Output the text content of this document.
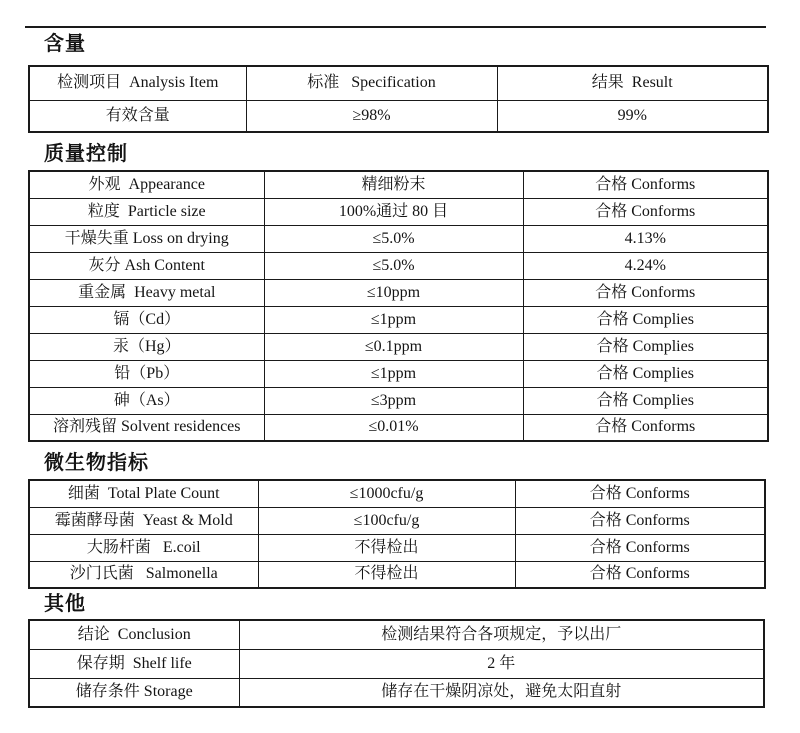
含量
检测项目  Analysis Item	标准   Specification	结果  Result
有效含量	≥98%	99%
质量控制
外观  Appearance	精细粉末	合格 Conforms
粒度  Particle size	100%通过 80 目	合格 Conforms
干燥失重 Loss on drying	≤5.0%	4.13%
灰分 Ash Content	≤5.0%	4.24%
重金属  Heavy metal	≤10ppm	合格 Conforms
镉（Cd）	≤1ppm	合格 Complies
汞（Hg）	≤0.1ppm	合格 Complies
铅（Pb）	≤1ppm	合格 Complies
砷（As）	≤3ppm	合格 Complies
溶剂残留 Solvent residences	≤0.01%	合格 Conforms
微生物指标
细菌  Total Plate Count	≤1000cfu/g	合格 Conforms
霉菌酵母菌  Yeast & Mold	≤100cfu/g	合格 Conforms
大肠杆菌   E.coil	不得检出	合格 Conforms
沙门氏菌   Salmonella	不得检出	合格 Conforms
其他
结论  Conclusion	检测结果符合各项规定，予以出厂
保存期  Shelf life	2 年
储存条件 Storage	储存在干燥阴凉处，避免太阳直射
